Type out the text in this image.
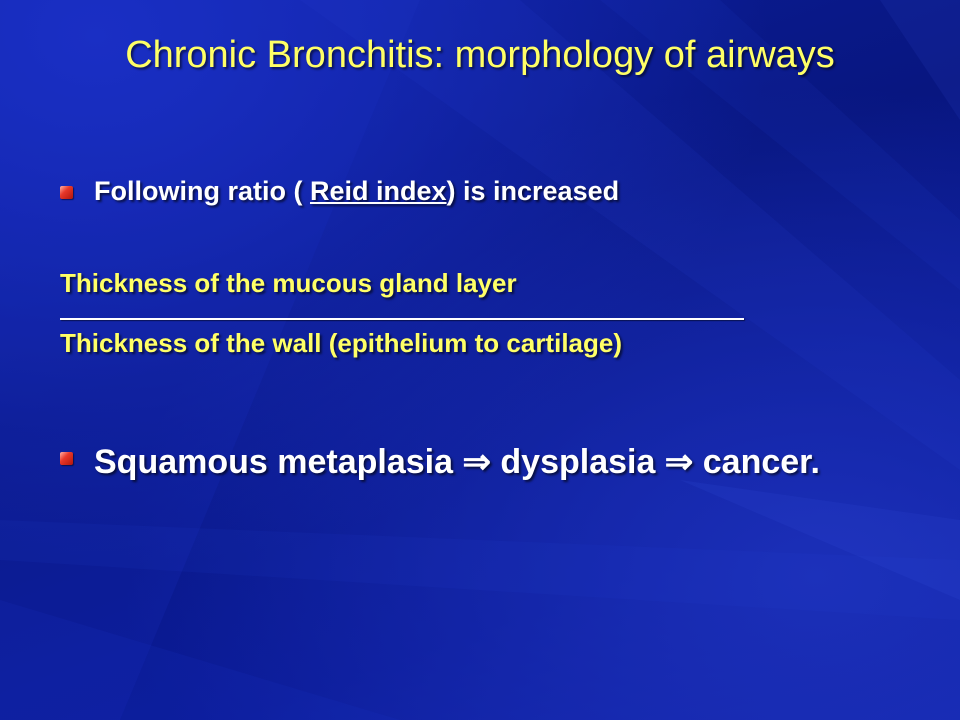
Chronic Bronchitis: morphology of airways
Following ratio ( Reid index) is increased
Thickness of the mucous gland layer
Thickness of the wall (epithelium to cartilage)
Squamous metaplasia ⇒ dysplasia ⇒ cancer.
